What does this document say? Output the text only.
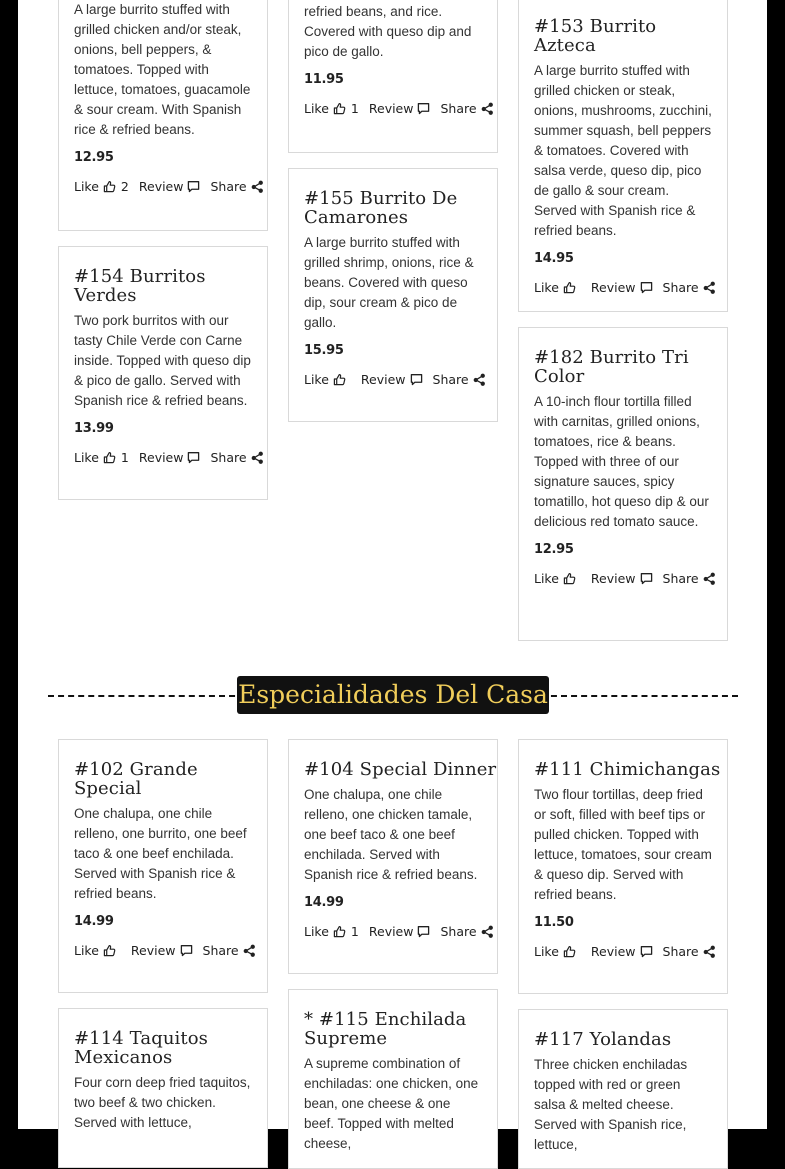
A large burrito stuffed with grilled chicken and/or steak, onions, bell peppers, & tomatoes. Topped with lettuce, tomatoes, guacamole & sour cream. With Spanish rice & refried beans.

12.95
Like 2 Review Share

refried beans, and rice. Covered with queso dip and pico de gallo.

11.95
Like 1 Review Share
#153 Burrito Azteca

A large burrito stuffed with grilled chicken or steak, onions, mushrooms, zucchini, summer squash, bell peppers & tomatoes. Covered with salsa verde, queso dip, pico de gallo & sour cream. Served with Spanish rice & refried beans.

14.95
Like	Review Share
#155 Burrito De Camarones

A large burrito stuffed with grilled shrimp, onions, rice & beans. Covered with queso dip, sour cream & pico de gallo.

15.95
Like	Review Share
#154 Burritos Verdes

Two pork burritos with our tasty Chile Verde con Carne inside. Topped with queso dip & pico de gallo. Served with Spanish rice & refried beans.

13.99
Like 1 Review Share
#182 Burrito Tri Color

A 10-inch flour tortilla filled with carnitas, grilled onions, tomatoes, rice & beans. Topped with three of our signature sauces, spicy tomatillo, hot queso dip & our delicious red tomato sauce.

12.95
Like	Review Share
Especialidades Del Casa
#102 Grande Special

One chalupa, one chile relleno, one burrito, one beef taco & one beef enchilada. Served with Spanish rice & refried beans.

14.99
Like	Review Share
#104 Special Dinner

One chalupa, one chile relleno, one chicken tamale, one beef taco & one beef enchilada. Served with Spanish rice & refried beans.

14.99
Like 1 Review Share
#111 Chimichangas

Two flour tortillas, deep fried or soft, filled with beef tips or pulled chicken. Topped with lettuce, tomatoes, sour cream & queso dip. Served with refried beans.

11.50
Like	Review Share
#114 Taquitos Mexicanos

Four corn deep fried taquitos, two beef & two chicken. Served with lettuce,

* #115 Enchilada Supreme

A supreme combination of enchiladas: one chicken, one bean, one cheese & one beef. Topped with melted cheese,

#117 Yolandas

Three chicken enchiladas topped with red or green salsa & melted cheese. Served with Spanish rice, lettuce,
